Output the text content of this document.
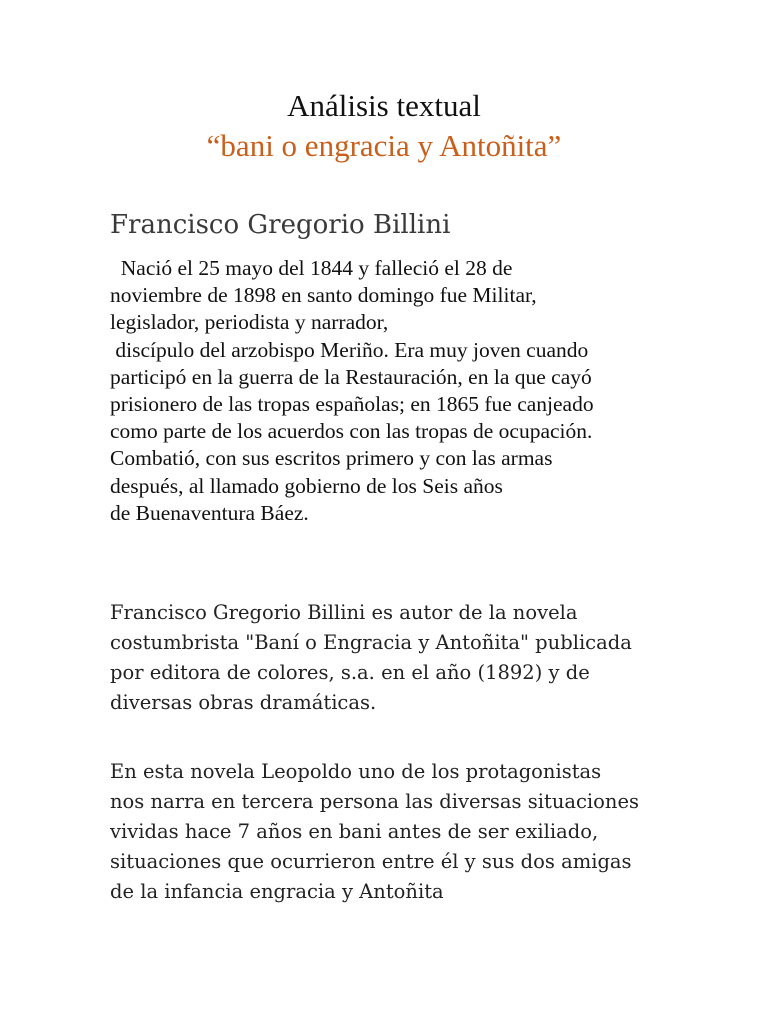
Análisis textual
“bani o engracia y Antoñita”
Francisco Gregorio Billini
Nació el 25 mayo del 1844 y falleció el 28 de
noviembre de 1898 en santo domingo fue Militar,
legislador, periodista y narrador,
discípulo del arzobispo Meriño. Era muy joven cuando
participó en la guerra de la Restauración, en la que cayó
prisionero de las tropas españolas; en 1865 fue canjeado
como parte de los acuerdos con las tropas de ocupación.
Combatió, con sus escritos primero y con las armas
después, al llamado gobierno de los Seis años
de Buenaventura Báez.
Francisco Gregorio Billini es autor de la novela
costumbrista "Baní o Engracia y Antoñita" publicada
por editora de colores, s.a. en el año (1892) y de
diversas obras dramáticas.
En esta novela Leopoldo uno de los protagonistas
nos narra en tercera persona las diversas situaciones
vividas hace 7 años en bani antes de ser exiliado,
situaciones que ocurrieron entre él y sus dos amigas
de la infancia engracia y Antoñita
